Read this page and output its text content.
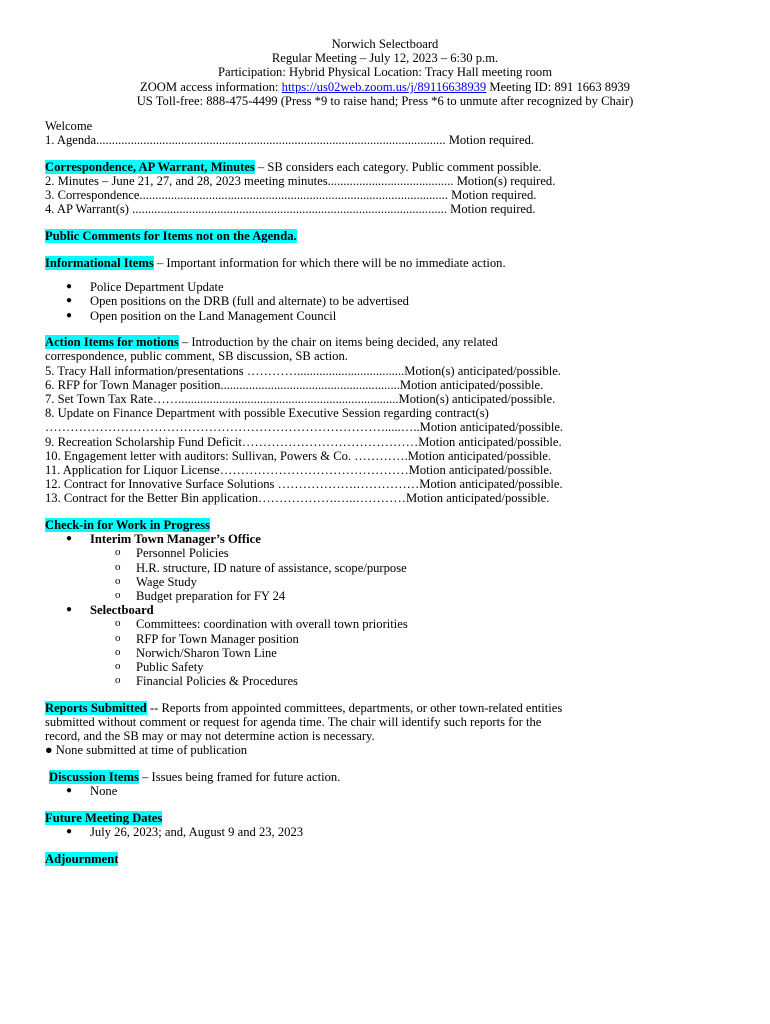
Norwich Selectboard
Regular Meeting – July 12, 2023 – 6:30 p.m.
Participation: Hybrid Physical Location: Tracy Hall meeting room
ZOOM access information: https://us02web.zoom.us/j/89116638939 Meeting ID: 891 1663 8939
US Toll-free: 888-475-4499 (Press *9 to raise hand; Press *6 to unmute after recognized by Chair)
Welcome
1. Agenda............................................................................................................... Motion required.
Correspondence, AP Warrant, Minutes – SB considers each category. Public comment possible.
2. Minutes – June 21, 27, and 28, 2023 meeting minutes........................................ Motion(s) required.
3. Correspondence.................................................................................................. Motion required.
4. AP Warrant(s) .................................................................................................... Motion required.
Public Comments for Items not on the Agenda.
Informational Items – Important information for which there will be no immediate action.
● Police Department Update
● Open positions on the DRB (full and alternate) to be advertised
● Open position on the Land Management Council
Action Items for motions – Introduction by the chair on items being decided, any related
correspondence, public comment, SB discussion, SB action.
5. Tracy Hall information/presentations …………..................................Motion(s) anticipated/possible.
6. RFP for Town Manager position.........................................................Motion anticipated/possible.
7. Set Town Tax Rate……......................................................................Motion(s) anticipated/possible.
8. Update on Finance Department with possible Executive Session regarding contract(s)
……………………………………………………………………….....…..Motion anticipated/possible.
9. Recreation Scholarship Fund Deficit……………………………………Motion anticipated/possible.
10. Engagement letter with auditors: Sullivan, Powers & Co. ………….Motion anticipated/possible.
11. Application for Liquor License………………………………………Motion anticipated/possible.
12. Contract for Innovative Surface Solutions ……………….……………Motion anticipated/possible.
13. Contract for the Better Bin application……………….…..…………Motion anticipated/possible.
Check-in for Work in Progress
● Interim Town Manager’s Office
o Personnel Policies
o H.R. structure, ID nature of assistance, scope/purpose
o Wage Study
o Budget preparation for FY 24
● Selectboard
o Committees: coordination with overall town priorities
o RFP for Town Manager position
o Norwich/Sharon Town Line
o Public Safety
o Financial Policies & Procedures
Reports Submitted -- Reports from appointed committees, departments, or other town-related entities
submitted without comment or request for agenda time. The chair will identify such reports for the
record, and the SB may or may not determine action is necessary.
● None submitted at time of publication
Discussion Items – Issues being framed for future action.
● None
Future Meeting Dates
● July 26, 2023; and, August 9 and 23, 2023
Adjournment
